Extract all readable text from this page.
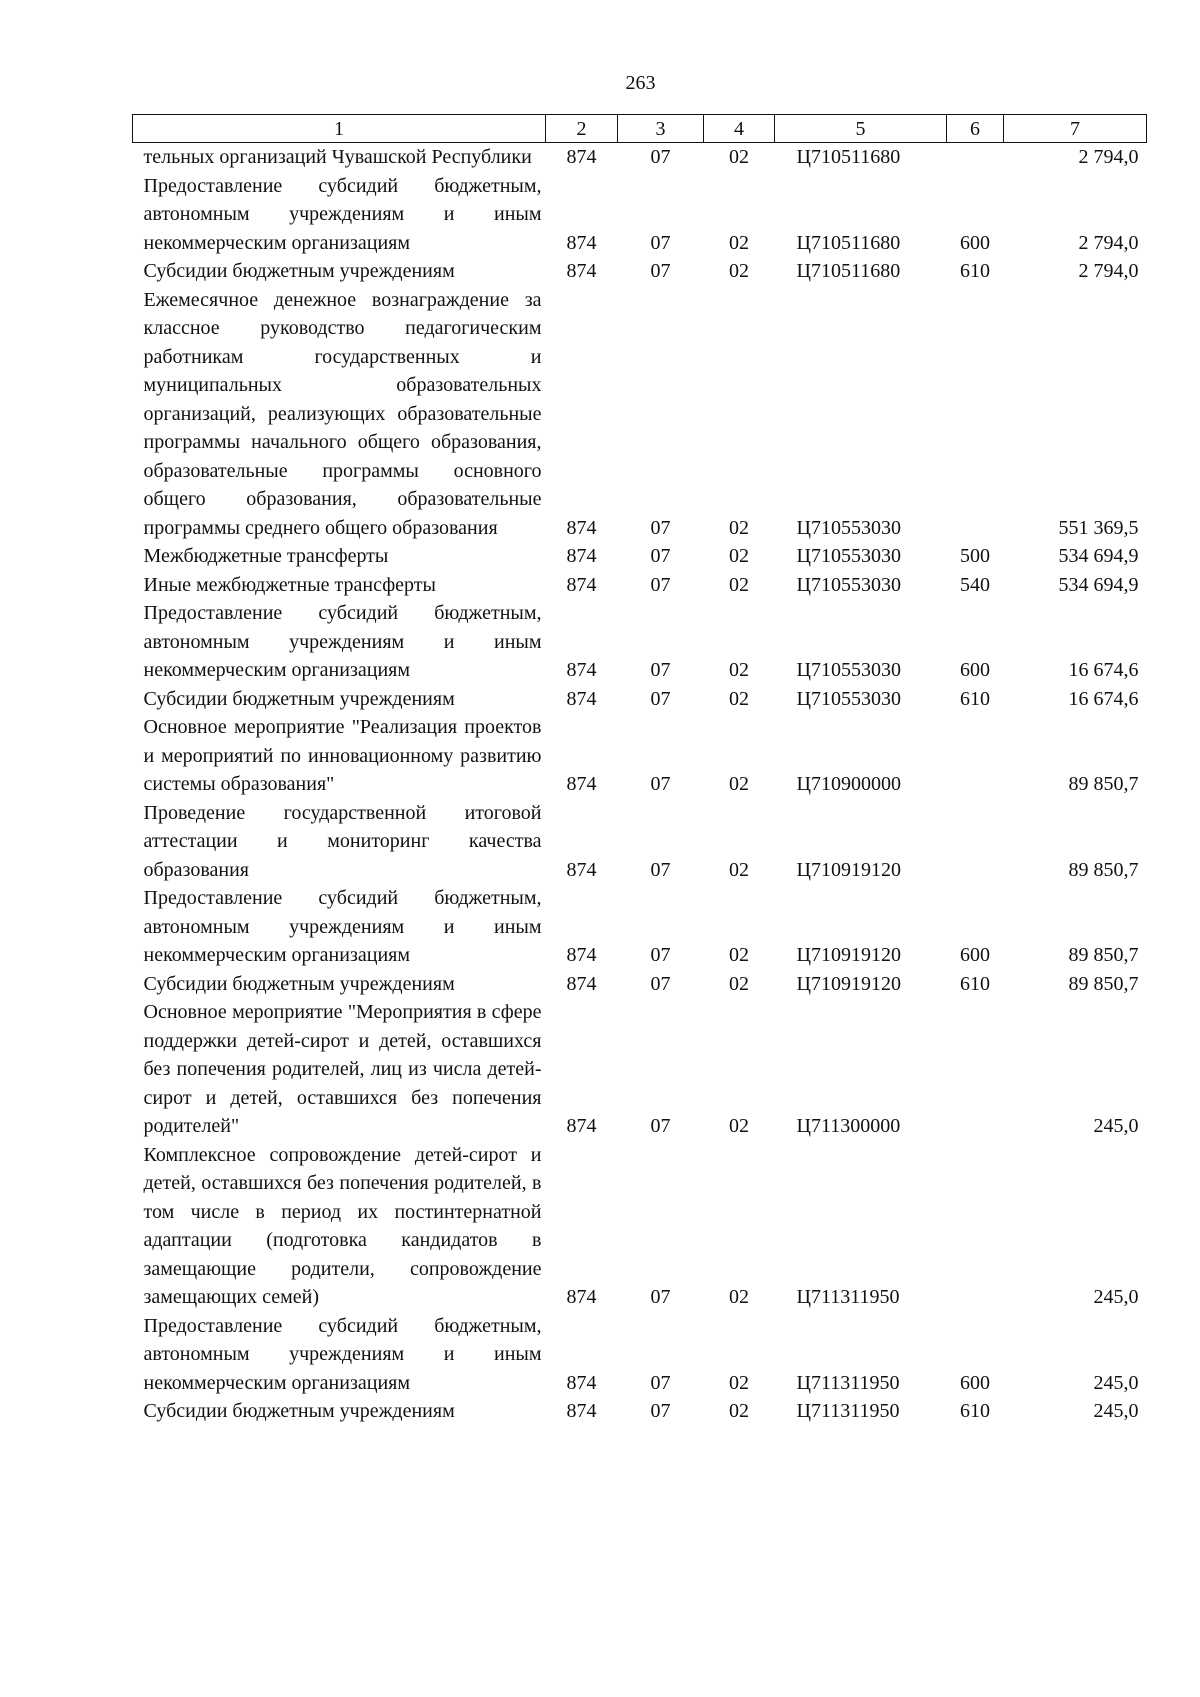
263
1	2	3	4	5	6	7
тельных организаций Чувашской Республики	874	07	02	Ц710511680		2 794,0
Предоставление субсидий бюджетным, автономным учреждениям и иным некоммерческим организациям	874	07	02	Ц710511680	600	2 794,0
Субсидии бюджетным учреждениям	874	07	02	Ц710511680	610	2 794,0
Ежемесячное денежное вознаграждение за классное руководство педагогическим работникам государственных и муниципальных образовательных организаций, реализующих образовательные программы начального общего образования, образовательные программы основного общего образования, образовательные программы среднего общего образования	874	07	02	Ц710553030		551 369,5
Межбюджетные трансферты	874	07	02	Ц710553030	500	534 694,9
Иные межбюджетные трансферты	874	07	02	Ц710553030	540	534 694,9
Предоставление субсидий бюджетным, автономным учреждениям и иным некоммерческим организациям	874	07	02	Ц710553030	600	16 674,6
Субсидии бюджетным учреждениям	874	07	02	Ц710553030	610	16 674,6
Основное мероприятие "Реализация проектов и мероприятий по инновационному развитию системы образования"	874	07	02	Ц710900000		89 850,7
Проведение государственной итоговой аттестации и мониторинг качества образования	874	07	02	Ц710919120		89 850,7
Предоставление субсидий бюджетным, автономным учреждениям и иным некоммерческим организациям	874	07	02	Ц710919120	600	89 850,7
Субсидии бюджетным учреждениям	874	07	02	Ц710919120	610	89 850,7
Основное мероприятие "Мероприятия в сфере поддержки детей-сирот и детей, оставшихся без попечения родителей, лиц из числа детей-сирот и детей, оставшихся без попечения родителей"	874	07	02	Ц711300000		245,0
Комплексное сопровождение детей-сирот и детей, оставшихся без попечения родителей, в том числе в период их постинтернатной адаптации (подготовка кандидатов в замещающие родители, сопровождение замещающих семей)	874	07	02	Ц711311950		245,0
Предоставление субсидий бюджетным, автономным учреждениям и иным некоммерческим организациям	874	07	02	Ц711311950	600	245,0
Субсидии бюджетным учреждениям	874	07	02	Ц711311950	610	245,0
